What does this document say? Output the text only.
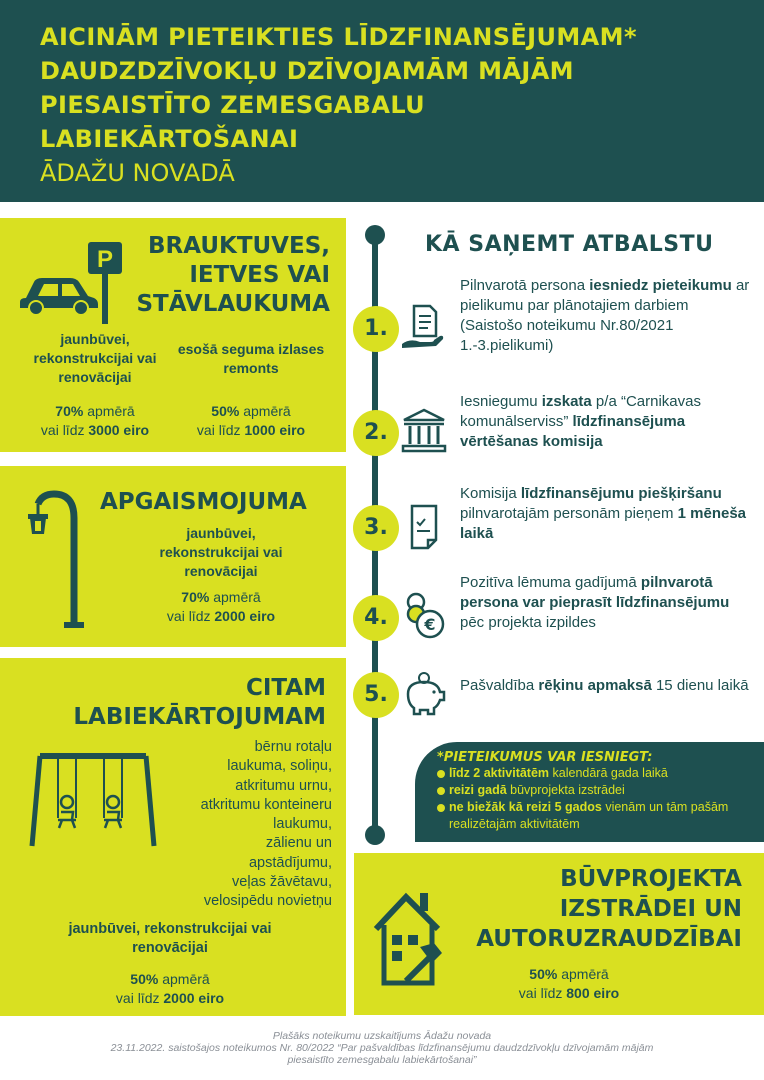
AICINĀM PIETEIKTIES LĪDZFINANSĒJUMAM*
DAUDZDZĪVOKĻU DZĪVOJAMĀM MĀJĀM
PIESAISTĪTO ZEMESGABALU
LABIEKĀRTOŠANAI
ĀDAŽU NOVADĀ
P BRAUKTUVES,
IETVES VAI
STĀVLAUKUMA
jaunbūvei, rekonstrukcijai vai renovācijai
esošā seguma izlases remonts
70% apmērā
vai līdz 3000 eiro
50% apmērā
vai līdz 1000 eiro
APGAISMOJUMA
jaunbūvei, rekonstrukcijai vai renovācijai
70% apmērā
vai līdz 2000 eiro
CITAM
LABIEKĀRTOJUMAM
bērnu rotaļu
laukuma, soliņu,
atkritumu urnu,
atkritumu konteineru
laukumu,
zālienu un
apstādījumu,
veļas žāvētavu,
velosipēdu novietņu
jaunbūvei, rekonstrukcijai vai renovācijai
50% apmērā
vai līdz 2000 eiro
KĀ SAŅEMT ATBALSTU
1.
Pilnvarotā persona iesniedz pieteikumu ar pielikumu par plānotajiem darbiem
(Saistošo noteikumu Nr.80/2021 1.-3.pielikumi)
2.
Iesniegumu izskata p/a “Carnikavas komunālserviss” līdzfinansējuma vērtēšanas komisija
3.
Komisija līdzfinansējumu piešķiršanu pilnvarotajām personām pieņem 1 mēneša laikā
4.	€
Pozitīva lēmuma gadījumā pilnvarotā persona var pieprasīt līdzfinansējumu pēc projekta izpildes
5.	Pašvaldība rēķinu apmaksā 15 dienu laikā
*PIETEIKUMUS VAR IESNIEGT:
līdz 2 aktivitātēm kalendārā gada laikā
reizi gadā būvprojekta izstrādei
ne biežāk kā reizi 5 gados vienām un tām pašām realizētajām aktivitātēm
BŪVPROJEKTA
IZSTRĀDEI UN
AUTORUZRAUDZĪBAI
50% apmērā
vai līdz 800 eiro
Plašāks noteikumu uzskaitījums Ādažu novada
23.11.2022. saistošajos noteikumos Nr. 80/2022 “Par pašvaldības līdzfinansējumu daudzdzīvokļu dzīvojamām mājām
piesaistīto zemesgabalu labiekārtošanai”
